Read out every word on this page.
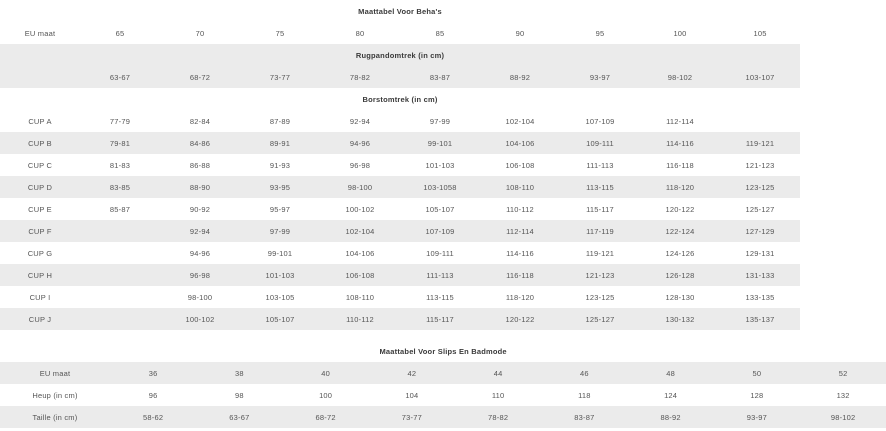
Maattabel Voor Beha's									
EU maat	65	70	75	80	85	90	95	100	105
Rugpandomtrek (in cm)									
	63-67	68-72	73-77	78-82	83-87	88-92	93-97	98-102	103-107
Borstomtrek (in cm)									
CUP A	77-79	82-84	87-89	92-94	97-99	102-104	107-109	112-114	
CUP B	79-81	84-86	89-91	94-96	99-101	104-106	109-111	114-116	119-121
CUP C	81-83	86-88	91-93	96-98	101-103	106-108	111-113	116-118	121-123
CUP D	83-85	88-90	93-95	98-100	103-1058	108-110	113-115	118-120	123-125
CUP E	85-87	90-92	95-97	100-102	105-107	110-112	115-117	120-122	125-127
CUP F		92-94	97-99	102-104	107-109	112-114	117-119	122-124	127-129
CUP G		94-96	99-101	104-106	109-111	114-116	119-121	124-126	129-131
CUP H		96-98	101-103	106-108	111-113	116-118	121-123	126-128	131-133
CUP I		98-100	103-105	108-110	113-115	118-120	123-125	128-130	133-135
CUP J		100-102	105-107	110-112	115-117	120-122	125-127	130-132	135-137
Maattabel Voor Slips En Badmode									
EU maat	36	38	40	42	44	46	48	50	52
Heup (in cm)	96	98	100	104	110	118	124	128	132
Taille (in cm)	58-62	63-67	68-72	73-77	78-82	83-87	88-92	93-97	98-102
